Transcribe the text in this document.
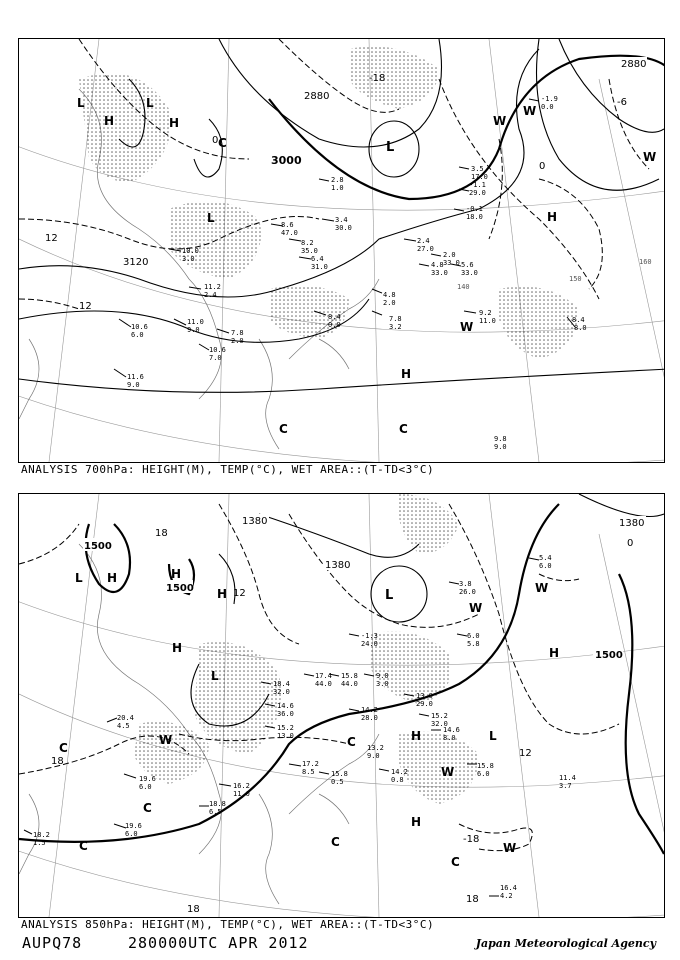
140
150
160
2880
2880
3000
3120
-18
-6
0
0
12
12
L	L
H	H
L
L
H
H
W
W
W
C
C
C
W
10.6
6.0
11.6
9.0
10.6
7.0
11.0
9.0	7.8
2.0
8.4
0.0
7.8
3.2
4.8
2.0
9.2
11.0	8.4
8.0
9.8
9.0
3.5
17.0
-1.1
29.0
-0.1
18.0
2.4
27.0
5.6
33.0
4.8
33.0
3.4
30.0
8.6
47.0
6.4
31.0
8.2
35.0
11.2
2.4
10.0
3.0
2.8
1.0
2.0
33.0
-1.9
0.0
ANALYSIS 700hPa: HEIGHT(M), TEMP(°C), WET AREA::(T-TD<3°C)
1380
1380
1380
1500
1500
1500
18
18
18
18
12
12
0
-18
L H	H
H
H
L
L
H
H
H
L
W
W
W
W
W
C
C
C
C
C
C
20.4
4.5
19.6
6.0
19.6
6.0
18.2
1.5
18.8
6.5
16.2
11.0
17.2
8.5 15.8
0.5
14.2
0.8
13.2
9.0
15.8
6.0	11.4
3.7
16.4
4.2
14.2
28.0
13.0
29.0
15.2
32.0
14.6
8.0
17.4
44.0
15.8
44.0
18.4
32.0
14.6
36.0
15.2
13.0
9.0
3.0
-1.3
24.0
3.8
26.0
6.0
5.8
5.4
6.0
ANALYSIS 850hPa: HEIGHT(M), TEMP(°C), WET AREA::(T-TD<3°C)
AUPQ78	280000UTC APR 2012	Japan Meteorological Agency
